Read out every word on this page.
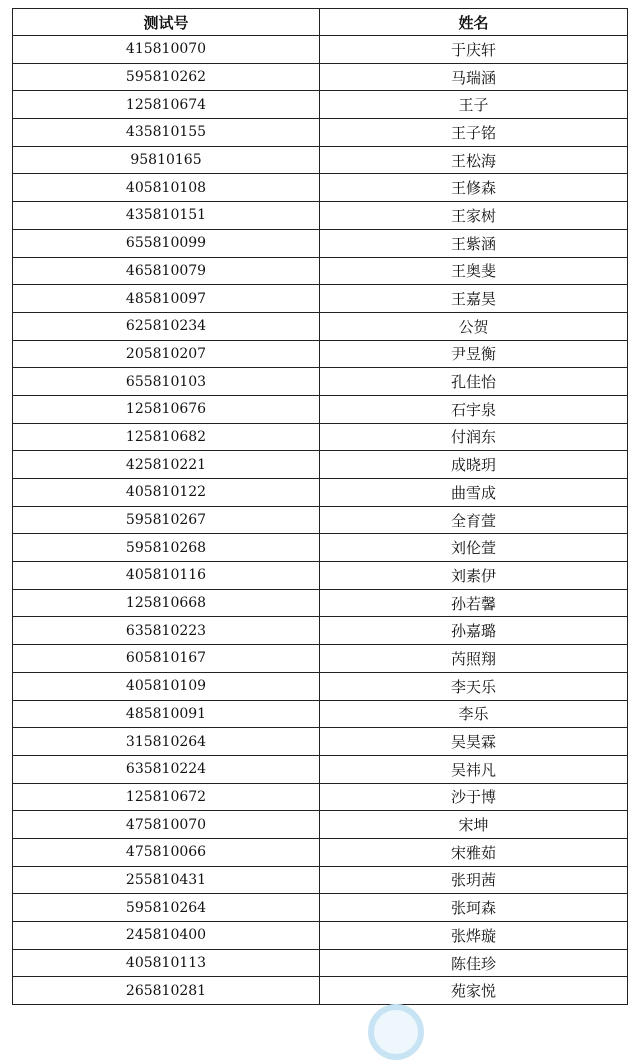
测试号	姓名
415810070	于庆轩
595810262	马瑞涵
125810674	王子
435810155	王子铭
95810165	王松海
405810108	王修森
435810151	王家树
655810099	王紫涵
465810079	王奥斐
485810097	王嘉昊
625810234	公贺
205810207	尹昱衡
655810103	孔佳怡
125810676	石宇泉
125810682	付润东
425810221	成晓玥
405810122	曲雪成
595810267	全育萱
595810268	刘伦萱
405810116	刘素伊
125810668	孙若馨
635810223	孙嘉璐
605810167	芮照翔
405810109	李天乐
485810091	李乐
315810264	吴昊霖
635810224	吴祎凡
125810672	沙于博
475810070	宋坤
475810066	宋雅茹
255810431	张玥茜
595810264	张珂森
245810400	张烨璇
405810113	陈佳珍
265810281	苑家悦
